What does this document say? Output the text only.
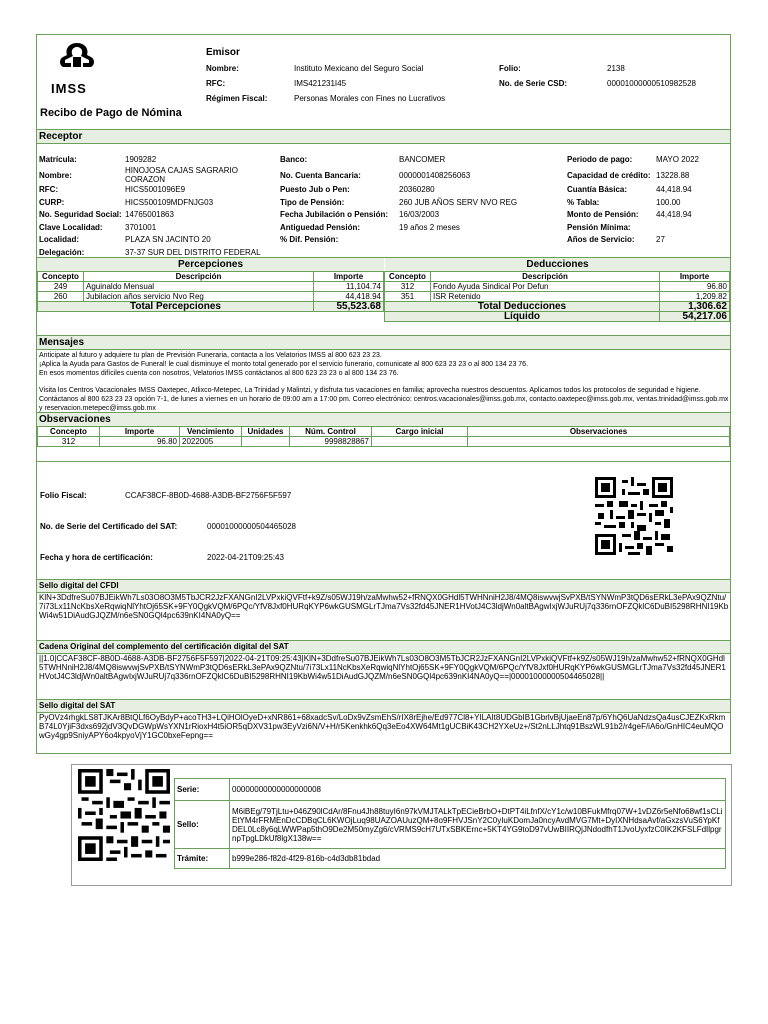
IMSS
Recibo de Pago de Nómina
Emisor
Nombre:	Instituto Mexicano del Seguro Social
RFC:	IMS421231I45
Régimen Fiscal:	Personas Morales con Fines no Lucrativos
Folio:	2138
No. de Serie CSD:	00001000000510982528
Receptor
Matrícula:	1909282
Nombre:
HINOJOSA CAJAS SAGRARIO
CORAZON
RFC:	HICS5001096E9
CURP:	HICS500109MDFNJG03
No. Seguridad Social: 14765001863
Clave Localidad:	3701001
Localidad:	PLAZA SN JACINTO 20
Delegación:	37-37 SUR DEL DISTRITO FEDERAL
Banco:	BANCOMER
No. Cuenta Bancaria:	0000001408256063
Puesto Jub o Pen:	20360280
Tipo de Pensión:	260 JUB AÑOS SERV NVO REG
Fecha Jubilación o Pensión: 16/03/2003
Antiguedad Pensión:	19 años 2 meses
% Dif. Pensión:
Periodo de pago:	MAYO 2022
Capacidad de crédito: 13228.88
Cuantía Básica:	44,418.94
% Tabla:	100.00
Monto de Pensión: 44,418.94
Pensión Mínima:
Años de Servicio:	27
Percepciones	Deducciones
Concepto	Descripción	Importe
249	Aguinaldo Mensual	11,104.74
260	Jubilacion años servicio Nvo Reg	44,418.94
Total Percepciones		55,523.68
Concepto	Descripción	Importe
312	Fondo Ayuda Sindical Por Defun	96.80
351	ISR Retenido	1,209.82
Total Deducciones		1,306.62
Líquido		54,217.06
Mensajes
Anticipate al futuro y adquiere tu plan de Previsión Funeraria, contacta a los Velatorios IMSS al 800 623 23 23.
¡Aplica la Ayuda para Gastos de Funeral! le cual disminuye el monto total generado por el servicio funerario, comunicate al 800 623 23 23 o al 800 134 23 76.
En esos momentos difíciles cuenta con nosotros, Velatorios IMSS contáctanos al 800 623 23 23 o al 800 134 23 76.
Visita los Centros Vacacionales IMSS Oaxtepec, Atlixco-Metepec, La Trinidad y Malintzi, y disfruta tus vacaciones en familia; aprovecha nuestros descuentos. Aplicamos todos los protocolos de seguridad e higiene. Contáctanos al 800 623 23 23 opción 7-1, de lunes a viernes en un horario de 09:00 am a 17:00 pm. Correo electrónico: centros.vacacionales@imss.gob.mx, contacto.oaxtepec@imss.gob.mx, ventas.trinidad@imss.gob.mx y reservacion.metepec@imss.gob.mx
Observaciones
Concepto	Importe	Vencimiento	Unidades	Núm. Control	Cargo inicial	Observaciones
312	96.80	2022005		9998828867		
Folio Fiscal:	CCAF38CF-8B0D-4688-A3DB-BF2756F5F597
No. de Serie del Certificado del SAT:	00001000000504465028
Fecha y hora de certificación:	2022-04-21T09:25:43
Sello digital del CFDI
KlN+3DdfreSu07BJEikWh7Ls03O8O3M5TbJCR2JzFXANGnI2LVPxkiQVFtf+k9Z/s05WJ19h/zaMwhw52+fRNQX0GHdl5TWHNniH2J8/4MQ8iswvwjSvPXB/tSYNWmP3tQD6sERkL3ePAx9QZNtu/7i73Lx11NcKbsXeRqwiqNlYhtOj65SK+9FY0QgkVQM/6PQc/YfV8Jxf0HURqKYP6wkGUSMGLrTJma7Vs32fd45JNER1HVotJ4C3ldjWn0altBAgwIxjWJuRUj7q336rnOFZQklC6DuBI5298RHNI19KbWi4w51DiAudGJQZM/n6eSN0GQl4pc639nKI4NA0yQ==
Cadena Original del complemento del certificación digital del SAT
||1.0|CCAF38CF-8B0D-4688-A3DB-BF2756F5F597|2022-04-21T09:25:43|KlN+3DdfreSu07BJEikWh7Ls03O8O3M5TbJCR2JzFXANGnI2LVPxkiQVFtf+k9Z/s05WJ19h/zaMwhw52+fRNQX0GHdl5TWHNniH2J8/4MQ8iswvwjSvPXB/tSYNWmP3tQD6sERkL3ePAx9QZNtu/7i73Lx11NcKbsXeRqwiqNlYhtOj65SK+9FY0QgkVQM/6PQc/YfV8Jxf0HURqKYP6wkGUSMGLrTJma7Vs32fd45JNER1HVotJ4C3ldjWn0altBAgwIxjWJuRUj7q336rnOFZQklC6DuBI5298RHNI19KbWi4w51DiAudGJQZM/n6eSN0GQl4pc639nKI4NA0yQ==|00001000000504465028||
Sello digital del SAT
PyOVz4rhgkLS8TJKAr8BtQLf6OyBdyP+acoTH3+LQiHOlOyeD+xNR861+68xadcSv/LoDx9vZsmEhS/rIX8rEjhe/Ed977Cl8+YILAIt8UDGbIB1GbrlvBjUjaeEn87p/6YhQ6UaNdzsQa4usCJEZKxRkmB74L0YjiF3dxs692jdV3QvDGWpWsYXN1rRioxH4t5iOR5qDXV31pw3EyVzi6N/V+H/r5Kenkhk6Qq3eEo4XW64Mt1gUCBiK43CH2YXeUz+/St2nLLJhtq91BszWL91b2/r4geF/iA6o/GnHIC4euMQOwGy4gp9SniyAPY6o4kpyoVjY1GC0bxeFepng==
Serie:	00000000000000000008
Sello:	M6iBEg/79TjLtu+046Z90lCdAr/8Fnu4Jh88tuyI6n97kVMJTALkTpECieBrbO+DtPT4iLfnfX/cY1c/w10BFukMfrq07W+1vDZ6r5eNfo68wf1sCLiEtYM4rFRMEnDcCDBqCL6KWOjLuq98UAZOAUuzQM+8o9FHVJSnY2C0yIuKDomJa0ncyAvdMVG7Mt+DyIXNHdsaAvf/aGxzsVuS6YpKfDEL0Lc8y6qLWWPap5thO9De2M50myZg6/cVRMS9cH7UTxSBKErnc+5KT4YG9toD97vUwBIIRQjJNdodfhT1JvoUyxfzC0IK2KFSLFdIlpgrnpTpgLDkUf8lgX138w==
Trámite:	b999e286-f82d-4f29-816b-c4d3db81bdad
